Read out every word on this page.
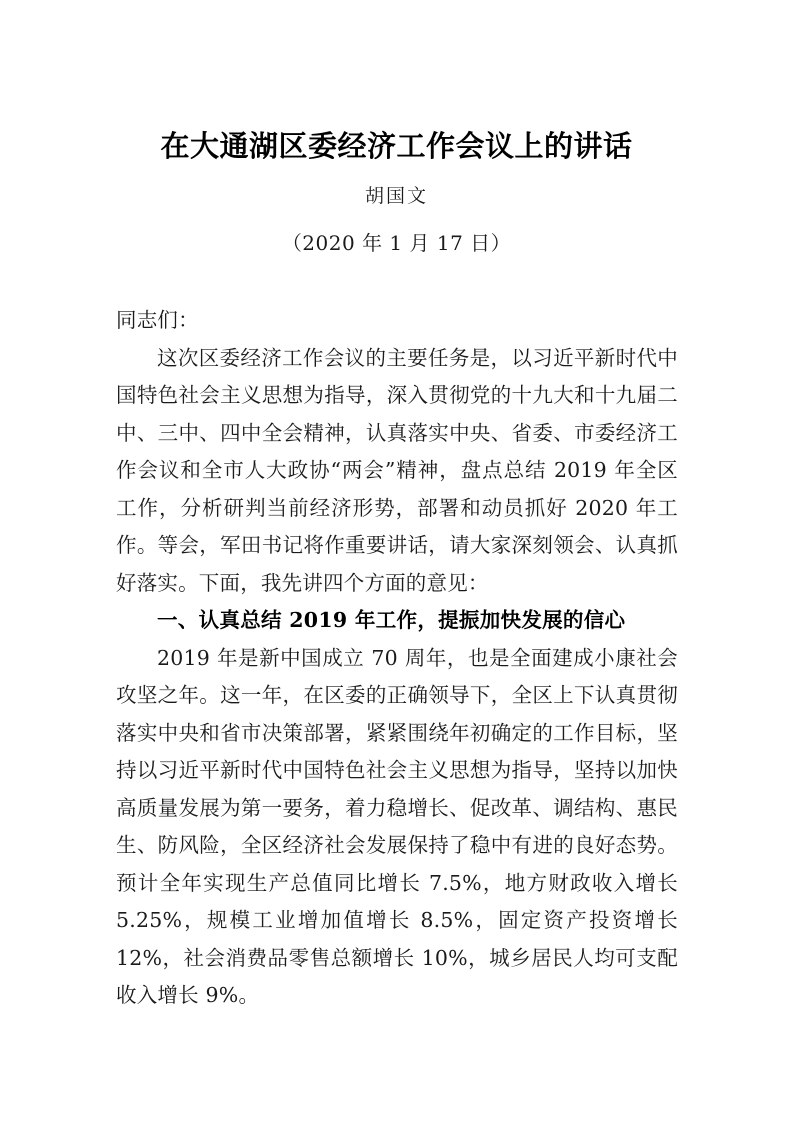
在大通湖区委经济工作会议上的讲话

胡国文

（2020 年 1 月 17 日）

同志们：

这次区委经济工作会议的主要任务是，以习近平新时代中国特色社会主义思想为指导，深入贯彻党的十九大和十九届二中、三中、四中全会精神，认真落实中央、省委、市委经济工作会议和全市人大政协“两会”精神，盘点总结 2019 年全区工作，分析研判当前经济形势，部署和动员抓好 2020 年工作。等会，军田书记将作重要讲话，请大家深刻领会、认真抓好落实。下面，我先讲四个方面的意见：

一、认真总结 2019 年工作，提振加快发展的信心

2019 年是新中国成立 70 周年，也是全面建成小康社会攻坚之年。这一年，在区委的正确领导下，全区上下认真贯彻落实中央和省市决策部署，紧紧围绕年初确定的工作目标，坚持以习近平新时代中国特色社会主义思想为指导，坚持以加快高质量发展为第一要务，着力稳增长、促改革、调结构、惠民生、防风险，全区经济社会发展保持了稳中有进的良好态势。预计全年实现生产总值同比增长 7.5%，地方财政收入增长 5.25%，规模工业增加值增长 8.5%，固定资产投资增长 12%，社会消费品零售总额增长 10%，城乡居民人均可支配收入增长 9%。
